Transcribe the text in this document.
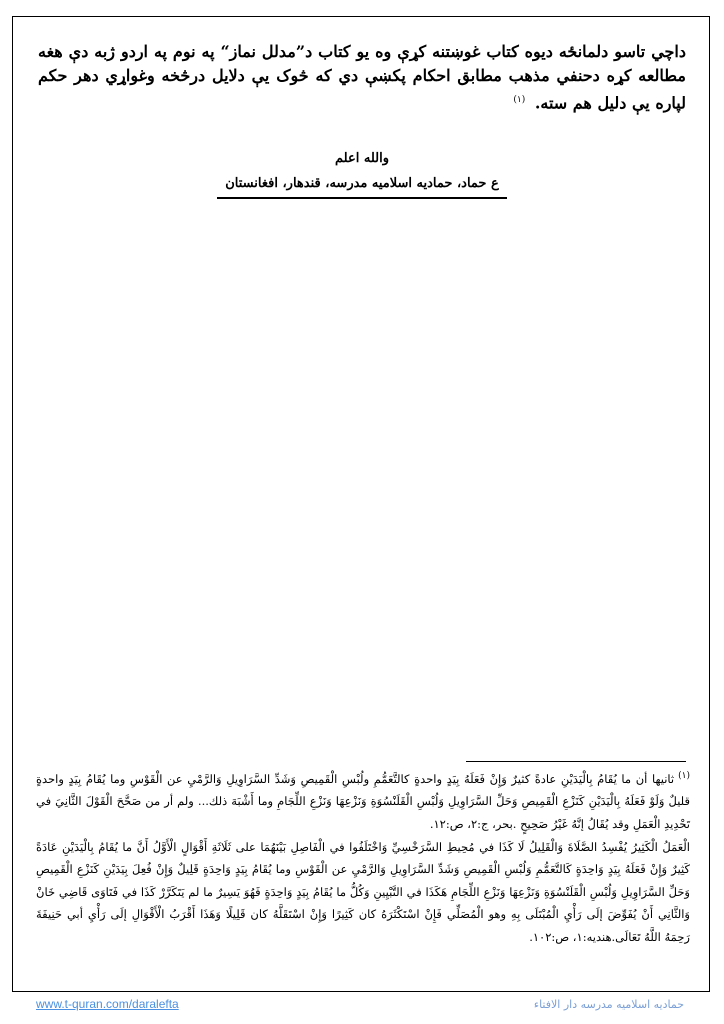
داچي تاسو دلمانځه ديوه کتاب غوښتنه کړې وه يو کتاب د”مدلل نماز“ په نوم په اردو ژبه دې هغه مطالعه کړه دحنفي مذهب مطابق احکام پکښې دي که څوک يې دلايل درڅخه وغواړي دهر حکم لپاره يې دليل هم سته. $^{(۱)}$

والله اعلم
ع حماد، حماديه اسلاميه مدرسه، قندهار، افغانستان

$^{(۱)}$ثانيها أن ما يُقَامُ بِالْيَدَيْنِ عادةً كثيرٌ وَإِنْ فَعَلَهُ بِيَدٍ واحدةٍ كالتَّعَمُّمِ ولُبْسِ الْقَمِيصِ وَشَدِّ السَّرَاوِيلِ وَالرَّمْيِ عن الْقَوْسِ وما يُقَامُ بِيَدٍ واحدةٍ قليلٌ وَلَوْ فَعَلَهُ بِالْيَدَيْنِ كَنَزْعِ الْقَمِيصِ وَحَلِّ السَّرَاوِيلِ وَلُبْسِ الْقَلَنْسُوَةِ وَنَزْعِهَا وَنَزْعِ اللِّجَامِ وما أَشْبَهَ ذلك... ولم أر من صَحَّحَ الْقَوْلَ الثَّانِيَ في تَحْدِيدِ الْعَمَلِ وقد يُقَالُ إنَّهُ غَيْرُ صَحِيحٍ .بحر، ج:٢، ص:١٢.

الْعَمَلُ الْكَثِيرُ يُفْسِدُ الصَّلَاةَ وَالْقَلِيلُ لَا كَذَا في مُحِيطِ السَّرَخْسِيِّ وَاخْتَلَفُوا في الْفَاصِلِ بَيْنَهُمَا على ثَلَاثَةِ أَقْوَالٍ الْأَوَّلُ أَنَّ ما يُقَامُ بِالْيَدَيْنِ عَادَةً كَثِيرٌ وَإِنْ فَعَلَهُ بِيَدٍ وَاحِدَةٍ كَالتَّعَمُّمِ وَلُبْسِ الْقَمِيصِ وَشَدِّ السَّرَاوِيلِ وَالرَّمْيِ عن الْقَوْسِ وما يُقَامُ بِيَدٍ وَاحِدَةٍ قَلِيلٌ وَإِنْ فُعِلَ بِيَدَيْنِ كَنَزْعِ الْقَمِيصِ وَحَلِّ السَّرَاوِيلِ وَلُبْسِ الْقَلَنْسُوَةِ وَنَزْعِهَا وَنَزْعِ اللِّجَامِ هَكَذَا في التَّبْيِينِ وَكُلُّ ما يُقَامُ بِيَدٍ وَاحِدَةٍ فَهُوَ يَسِيرٌ ما لم يَتَكَرَّرْ كَذَا في فَتَاوَى قَاضِي خَانْ وَالثَّانِي أَنْ يُفَوِّضَ إلَى رَأْيِ الْمُبْتَلَى بِهِ وهو الْمُصَلِّي فَإِنْ اسْتَكْثَرَهُ كان كَثِيرًا وَإِنْ اسْتَقَلَّهُ كان قَلِيلًا وَهَذَا أَقْرَبُ الْأَقْوَالِ إلَى رَأْيِ أبي حَنِيفَةَ رَحِمَهُ اللَّهُ تَعَالَى.هنديه:١، ص:١٠٢.

www.t-quran.com/daralefta	حماديه اسلاميه مدرسه دار الافتاء
